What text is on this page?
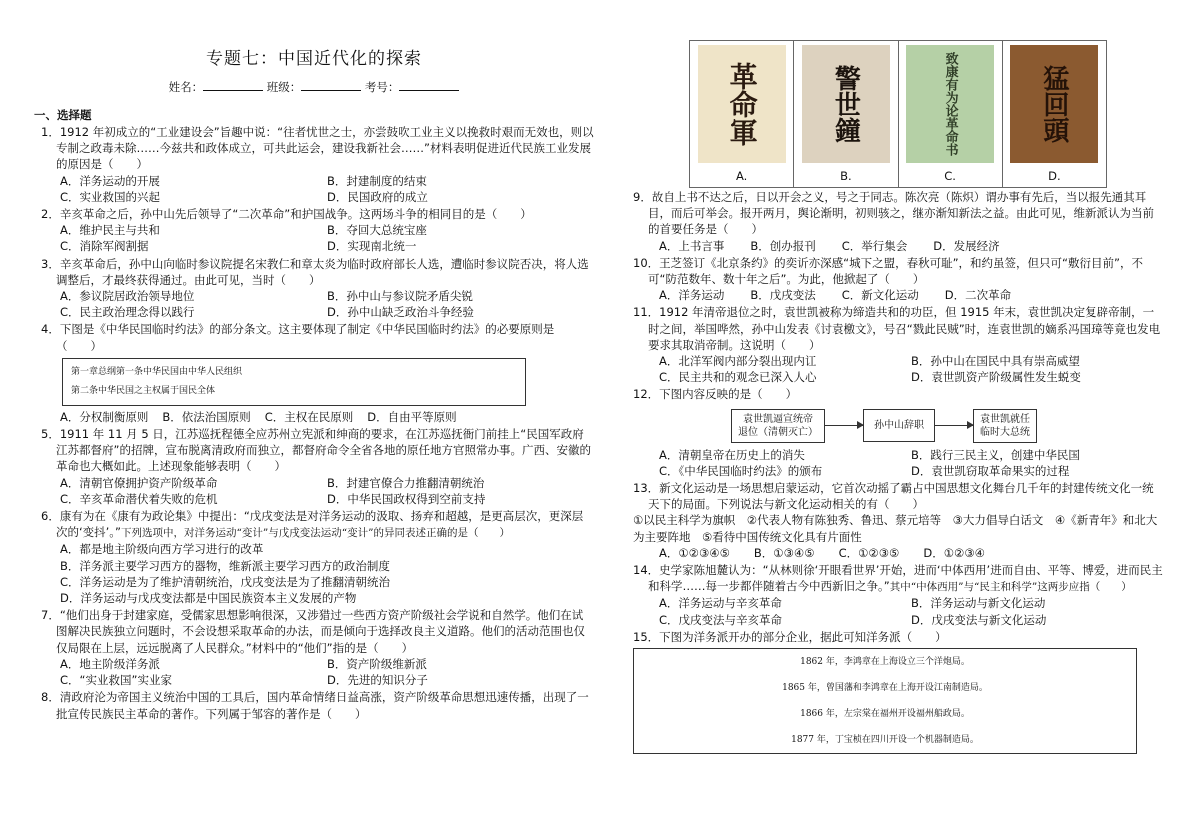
专题七：中国近代化的探索
姓名：	班级：	考号：
一、选择题
1．1912 年初成立的“工业建设会”旨趣中说：“往者忧世之士，亦尝鼓吹工业主义以挽救时艰而无效也，则以专制之政毒未除……今兹共和政体成立，可共此运会，建设我新社会……”材料表明促进近代民族工业发展的原因是（　　）
A．洋务运动的开展	B．封建制度的结束
C．实业救国的兴起	D．民国政府的成立
2．辛亥革命之后，孙中山先后领导了“二次革命”和护国战争。这两场斗争的相同目的是（　　）
A．维护民主与共和	B．夺回大总统宝座
C．消除军阀割据	D．实现南北统一
3．辛亥革命后，孙中山向临时参议院提名宋教仁和章太炎为临时政府部长人选，遭临时参议院否决，将人选调整后，才最终获得通过。由此可见，当时（　　）
A．参议院居政治领导地位	B．孙中山与参议院矛盾尖锐
C．民主政治理念得以践行	D．孙中山缺乏政治斗争经验
4．下图是《中华民国临时约法》的部分条文。这主要体现了制定《中华民国临时约法》的必要原则是（　　）
第一章总纲第一条中华民国由中华人民组织
第二条中华民国之主权属于国民全体
A．分权制衡原则 B．依法治国原则 C．主权在民原则 D．自由平等原则
5．1911 年 11 月 5 日，江苏巡抚程德全应苏州立宪派和绅商的要求，在江苏巡抚衙门前挂上“民国军政府江苏都督府”的招牌，宣布脱离清政府而独立，都督府命令全省各地的原任地方官照常办事。广西、安徽的革命也大概如此。上述现象能够表明（　　）
A．清朝官僚拥护资产阶级革命	B．封建官僚合力推翻清朝统治
C．辛亥革命潜伏着失败的危机	D．中华民国政权得到空前支持
6．康有为在《康有为政论集》中提出：“戊戌变法是对洋务运动的汲取、扬弃和超越，是更高层次，更深层次的‘变抖’。”下列选项中，对洋务运动“变计”与戊戌变法运动“变计”的异同表述正确的是（　　）
A．都是地主阶级向西方学习进行的改革
B．洋务派主要学习西方的器物，维新派主要学习西方的政治制度
C．洋务运动是为了维护清朝统治，戊戌变法是为了推翻清朝统治
D．洋务运动与戊戌变法都是中国民族资本主义发展的产物
7．“他们出身于封建家庭，受儒家思想影响很深，又涉猎过一些西方资产阶级社会学说和自然学。他们在试图解决民族独立问题时，不会设想采取革命的办法，而是倾向于选择改良主义道路。他们的活动范围也仅仅局限在上层，远远脱离了人民群众。”材料中的“他们”指的是（　　）
A．地主阶级洋务派	B．资产阶级维新派
C．“实业救国”实业家	D．先进的知识分子
8．清政府沦为帝国主义统治中国的工具后，国内革命情绪日益高涨，资产阶级革命思想迅速传播，出现了一批宣传民族民主革命的著作。下列属于邹容的著作是（　　）
革命軍
A.
警世鐘
B.
致康有为论革命书
C.
猛回頭
D.
9．故自上书不达之后，日以开会之义，号之于同志。陈次亮（陈炽）谓办事有先后，当以报先通其耳目，而后可举会。报开两月，舆论渐明，初则骇之，继亦渐知新法之益。由此可见，维新派认为当前的首要任务是（　　）
A．上书言事 B．创办报刊 C．举行集会 D．发展经济
10．王芝签订《北京条约》的奕䜣亦深感“城下之盟，春秋可耻”，和约虽签，但只可“敷衍目前”，不可“防范数年、数十年之后”。为此，他掀起了（　　）
A．洋务运动 B．戊戌变法 C．新文化运动 D．二次革命
11．1912 年清帝退位之时，袁世凯被称为缔造共和的功臣，但 1915 年末，袁世凯决定复辟帝制，一时之间，举国哗然，孙中山发表《讨袁檄文》，号召“戮此民贼”时，连袁世凯的嫡系冯国璋等竟也发电要求其取消帝制。这说明（　　）
A．北洋军阀内部分裂出现内讧	B．孙中山在国民中具有崇高威望
C．民主共和的观念已深入人心	D．袁世凯资产阶级属性发生蜕变
12．下图内容反映的是（　　）
袁世凯逼宣统帝
退位（清朝灭亡）
孙中山辞职
袁世凯就任
临时大总统
A．清朝皇帝在历史上的消失	B．践行三民主义，创建中华民国
C．《中华民国临时约法》的颁布	D．袁世凯窃取革命果实的过程
13．新文化运动是一场思想启蒙运动，它首次动摇了霸占中国思想文化舞台几千年的封建传统文化一统天下的局面。下列说法与新文化运动相关的有（　　）
①以民主科学为旗帜　②代表人物有陈独秀、鲁迅、蔡元培等　③大力倡导白话文　④《新青年》和北大为主要阵地　⑤看待中国传统文化具有片面性
A．①②③④⑤ B．①③④⑤ C．①②③⑤ D．①②③④
14．史学家陈旭麓认为：“从林则徐‘开眼看世界’开始，进而‘中体西用’进而自由、平等、博爱，进而民主和科学……每一步都伴随着古今中西新旧之争。”其中“中体西用”与“民主和科学”这两步应指（　　）
A．洋务运动与辛亥革命	B．洋务运动与新文化运动
C．戊戌变法与辛亥革命	D．戊戌变法与新文化运动
15．下图为洋务派开办的部分企业，据此可知洋务派（　　）
1862 年，李鸿章在上海设立三个洋炮局。
1865 年，曾国藩和李鸿章在上海开设江南制造局。
1866 年，左宗棠在福州开设福州船政局。
1877 年，丁宝桢在四川开设一个机器制造局。
